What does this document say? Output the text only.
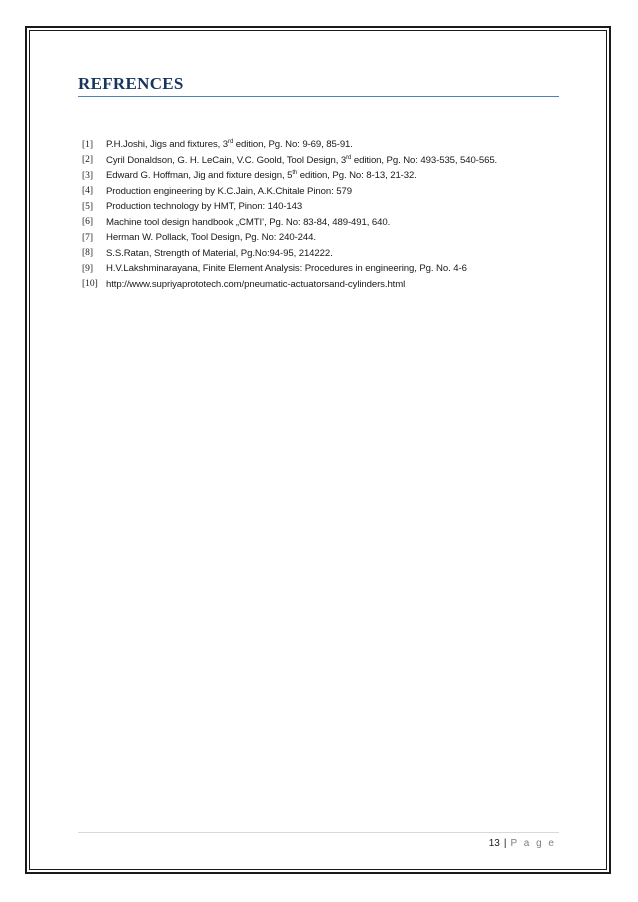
REFRENCES
[1]	P.H.Joshi, Jigs and fixtures, 3rd edition, Pg. No: 9-69, 85-91.
[2]	Cyril Donaldson, G. H. LeCain, V.C. Goold, Tool Design, 3rd edition, Pg. No: 493-535, 540-565.
[3]	Edward G. Hoffman, Jig and fixture design, 5th edition, Pg. No: 8-13, 21-32.
[4]	Production engineering by K.C.Jain, A.K.Chitale Pinon: 579
[5]	Production technology by HMT, Pinon: 140-143
[6]	Machine tool design handbook „CMTI’, Pg. No: 83-84, 489-491, 640.
[7]	Herman W. Pollack, Tool Design, Pg. No: 240-244.
[8]	S.S.Ratan, Strength of Material, Pg.No:94-95, 214222.
[9]	H.V.Lakshminarayana, Finite Element Analysis: Procedures in engineering, Pg. No. 4-6
[10] http://www.supriyaprototech.com/pneumatic-actuatorsand-cylinders.html
13 | P a g e
